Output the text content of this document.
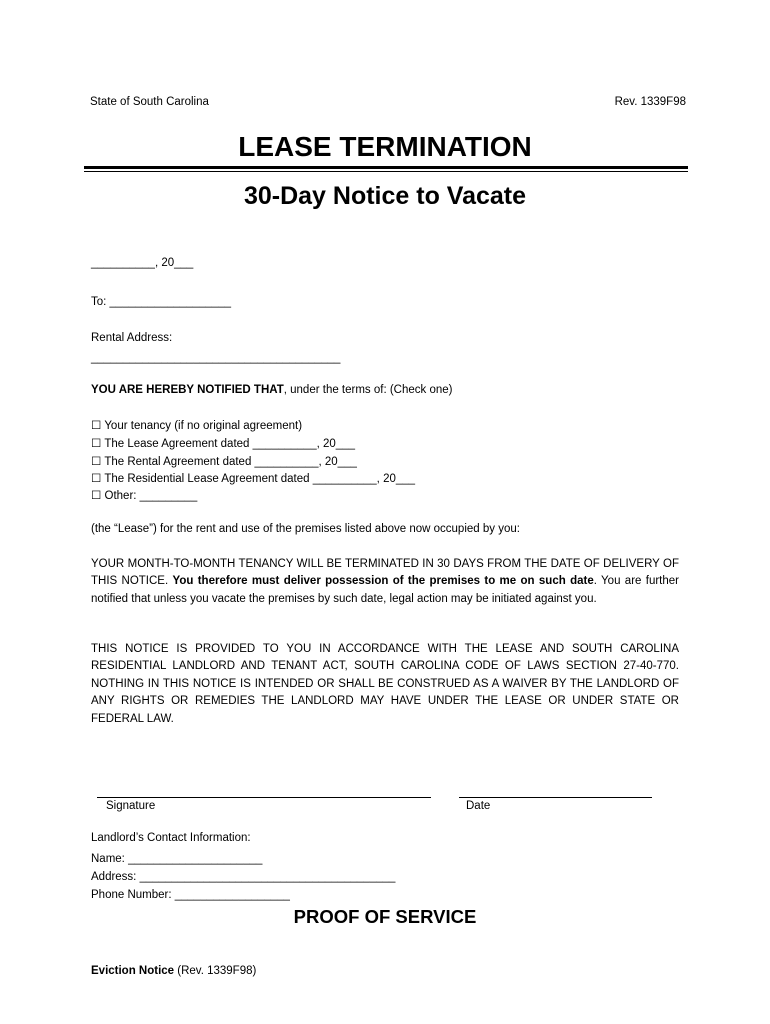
State of South Carolina	Rev. 1339F98
LEASE TERMINATION
30-Day Notice to Vacate
__________, 20___
To: ___________________
Rental Address:
_______________________________________
YOU ARE HEREBY NOTIFIED THAT, under the terms of: (Check one)
☐ Your tenancy (if no original agreement)
☐ The Lease Agreement dated __________, 20___
☐ The Rental Agreement dated __________, 20___
☐ The Residential Lease Agreement dated __________, 20___
☐ Other: _________
(the “Lease”) for the rent and use of the premises listed above now occupied by you:
YOUR MONTH-TO-MONTH TENANCY WILL BE TERMINATED IN 30 DAYS FROM THE DATE OF DELIVERY OF THIS NOTICE. You therefore must deliver possession of the premises to me on such date. You are further notified that unless you vacate the premises by such date, legal action may be initiated against you.
THIS NOTICE IS PROVIDED TO YOU IN ACCORDANCE WITH THE LEASE AND SOUTH CAROLINA RESIDENTIAL LANDLORD AND TENANT ACT, SOUTH CAROLINA CODE OF LAWS SECTION 27-40-770. NOTHING IN THIS NOTICE IS INTENDED OR SHALL BE CONSTRUED AS A WAIVER BY THE LANDLORD OF ANY RIGHTS OR REMEDIES THE LANDLORD MAY HAVE UNDER THE LEASE OR UNDER STATE OR FEDERAL LAW.
Signature	Date
Landlord’s Contact Information:
Name: _____________________
Address: ________________________________________
Phone Number: __________________
PROOF OF SERVICE
Eviction Notice (Rev. 1339F98)
